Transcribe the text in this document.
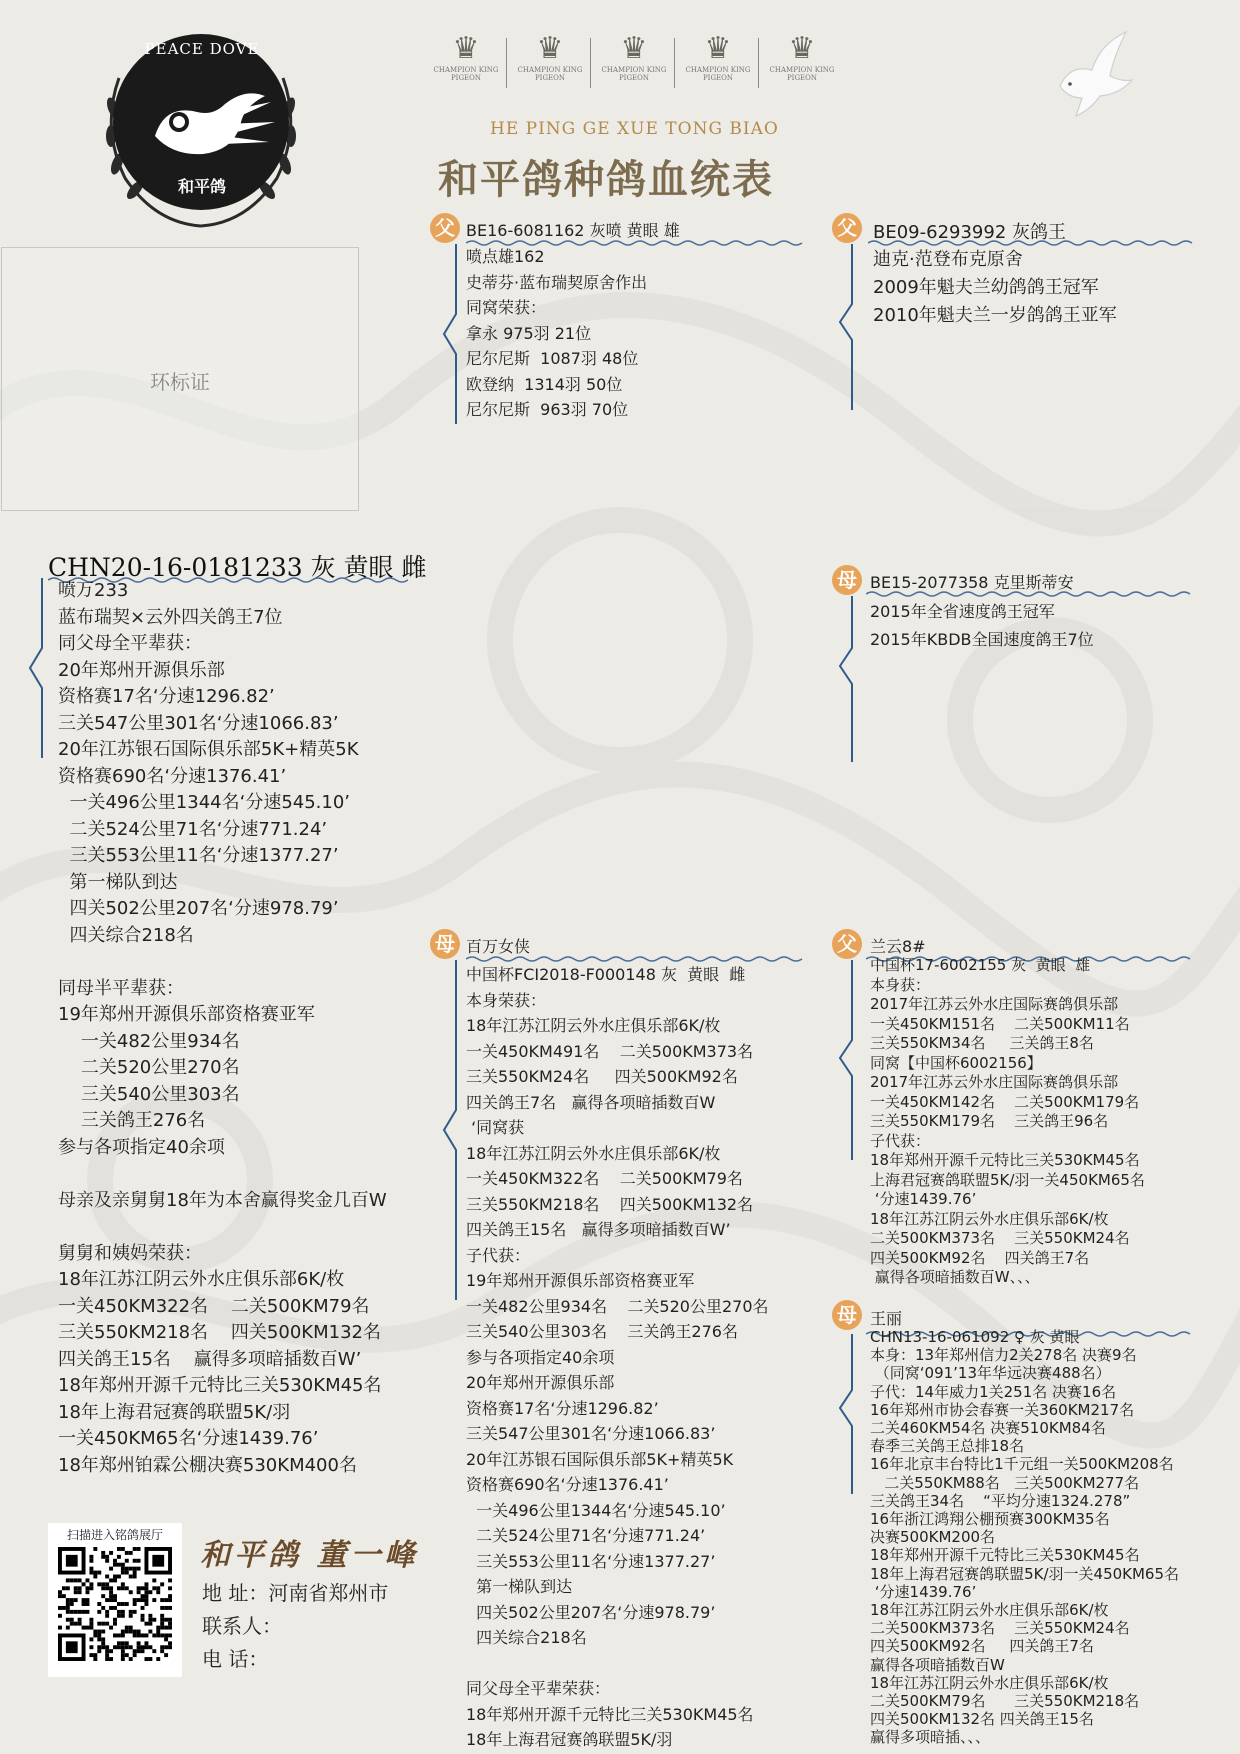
PEACE DOVE
和平鸽
♛
CHAMPION KING PIGEON
♛
CHAMPION KING PIGEON
♛
CHAMPION KING PIGEON
♛
CHAMPION KING PIGEON
♛
CHAMPION KING PIGEON
HE PING GE XUE TONG BIAO
和平鸽种鸽血统表
环标证
CHN20-16-0181233 灰 黄眼 雌
喷万233
蓝布瑞契×云外四关鸽王7位
同父母全平辈获：
20年郑州开源俱乐部
资格赛17名‘分速1296.82’
三关547公里301名‘分速1066.83’
20年江苏银石国际俱乐部5K+精英5K
资格赛690名‘分速1376.41’
一关496公里1344名‘分速545.10’
二关524公里71名‘分速771.24’
三关553公里11名‘分速1377.27’
第一梯队到达
四关502公里207名‘分速978.79’
四关综合218名

同母半平辈获：
19年郑州开源俱乐部资格赛亚军
一关482公里934名
二关520公里270名
三关540公里303名
三关鸽王276名
参与各项指定40余项

母亲及亲舅舅18年为本舍赢得奖金几百W

舅舅和姨妈荣获：
18年江苏江阴云外水庄俱乐部6K/枚
一关450KM322名    二关500KM79名
三关550KM218名    四关500KM132名
四关鸽王15名    赢得多项暗插数百W’
18年郑州开源千元特比三关530KM45名
18年上海君冠赛鸽联盟5K/羽
一关450KM65名‘分速1439.76’
18年郑州铂霖公棚决赛530KM400名
父 BE16-6081162 灰喷 黄眼 雄
喷点雄162
史蒂芬·蓝布瑞契原舍作出
同窝荣获：
拿永 975羽 21位
尼尔尼斯  1087羽 48位
欧登纳  1314羽 50位
尼尔尼斯  963羽 70位
父 BE09-6293992 灰鸽王
迪克·范登布克原舍
2009年魁夫兰幼鸽鸽王冠军
2010年魁夫兰一岁鸽鸽王亚军
母 BE15-2077358 克里斯蒂安
2015年全省速度鸽王冠军
2015年KBDB全国速度鸽王7位
母 百万女侠
中国杯FCI2018-F000148 灰  黄眼  雌
本身荣获：
18年江苏江阴云外水庄俱乐部6K/枚
一关450KM491名    二关500KM373名
三关550KM24名     四关500KM92名
四关鸽王7名   赢得各项暗插数百W
‘同窝获
18年江苏江阴云外水庄俱乐部6K/枚
一关450KM322名    二关500KM79名
三关550KM218名    四关500KM132名
四关鸽王15名   赢得多项暗插数百W’
子代获：
19年郑州开源俱乐部资格赛亚军
一关482公里934名    二关520公里270名
三关540公里303名    三关鸽王276名
参与各项指定40余项
20年郑州开源俱乐部
资格赛17名‘分速1296.82’
三关547公里301名‘分速1066.83’
20年江苏银石国际俱乐部5K+精英5K
资格赛690名‘分速1376.41’
一关496公里1344名‘分速545.10’
二关524公里71名‘分速771.24’
三关553公里11名‘分速1377.27’
第一梯队到达
四关502公里207名‘分速978.79’
四关综合218名

同父母全平辈荣获：
18年郑州开源千元特比三关530KM45名
18年上海君冠赛鸽联盟5K/羽
父 兰云8#
中国杯17-6002155 灰  黄眼  雄
本身获：
2017年江苏云外水庄国际赛鸽俱乐部
一关450KM151名    二关500KM11名
三关550KM34名     三关鸽王8名
同窝【中国杯6002156】
2017年江苏云外水庄国际赛鸽俱乐部
一关450KM142名    二关500KM179名
三关550KM179名    三关鸽王96名
子代获：
18年郑州开源千元特比三关530KM45名
上海君冠赛鸽联盟5K/羽一关450KM65名
‘分速1439.76’
18年江苏江阴云外水庄俱乐部6K/枚
二关500KM373名    三关550KM24名
四关500KM92名    四关鸽王7名
赢得各项暗插数百W、、、
母 王丽
CHN13-16-061092 ♀ 灰 黄眼
本身：13年郑州信力2关278名 决赛9名
（同窝‘091’13年华远决赛488名）
子代：14年威力1关251名 决赛16名
16年郑州市协会春赛一关360KM217名
二关460KM54名 决赛510KM84名
春季三关鸽王总排18名
16年北京丰台特比1千元组一关500KM208名
二关550KM88名   三关500KM277名
三关鸽王34名    “平均分速1324.278”
16年浙江鸿翔公棚预赛300KM35名
决赛500KM200名
18年郑州开源千元特比三关530KM45名
18年上海君冠赛鸽联盟5K/羽一关450KM65名
‘分速1439.76’
18年江苏江阴云外水庄俱乐部6K/枚
二关500KM373名    三关550KM24名
四关500KM92名     四关鸽王7名
赢得各项暗插数百W
18年江苏江阴云外水庄俱乐部6K/枚
二关500KM79名      三关550KM218名
四关500KM132名 四关鸽王15名
赢得多项暗插、、、
扫描进入铭鸽展厅
和平鸽 董一峰
地 址：河南省郑州市
联系人：
电 话：
